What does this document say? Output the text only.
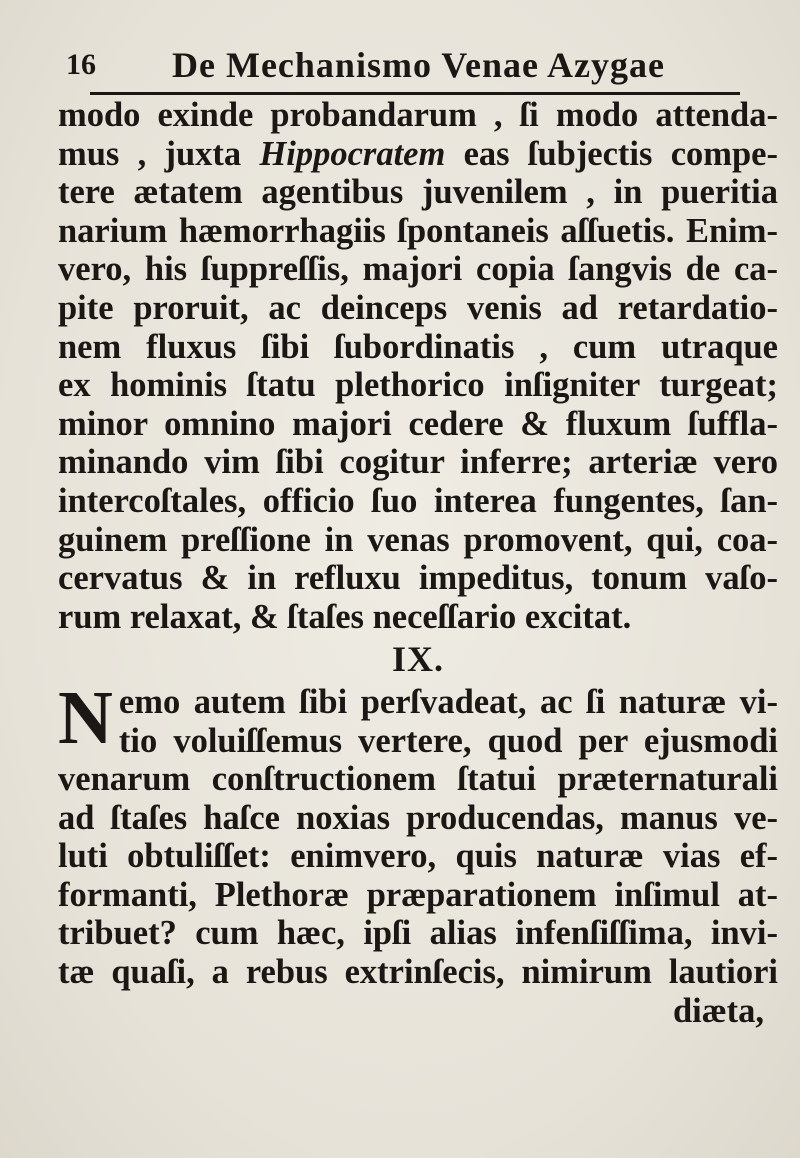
16 De Mechanismo Venae Azygae
modo exinde probandarum , ſi modo attenda-
mus , juxta Hippocratem eas ſubjectis compe-
tere ætatem agentibus juvenilem , in pueritia
narium hæmorrhagiis ſpontaneis aſſuetis. Enim-
vero, his ſuppreſſis, majori copia ſangvis de ca-
pite proruit, ac deinceps venis ad retardatio-
nem fluxus ſibi ſubordinatis , cum utraque
ex hominis ſtatu plethorico inſigniter turgeat;
minor omnino majori cedere & fluxum ſuffla-
minando vim ſibi cogitur inferre; arteriæ vero
intercoſtales, officio ſuo interea fungentes, ſan-
guinem preſſione in venas promovent, qui, coa-
cervatus & in refluxu impeditus, tonum vaſo-
rum relaxat, & ſtaſes neceſſario excitat.
IX.
N emo autem ſibi perſvadeat, ac ſi naturæ vi-
tio voluiſſemus vertere, quod per ejusmodi
venarum conſtructionem ſtatui præternaturali
ad ſtaſes haſce noxias producendas, manus ve-
luti obtuliſſet: enimvero, quis naturæ vias ef-
formanti, Plethoræ præparationem inſimul at-
tribuet? cum hæc, ipſi alias infenſiſſima, invi-
tæ quaſi, a rebus extrinſecis, nimirum lautiori
diæta,
